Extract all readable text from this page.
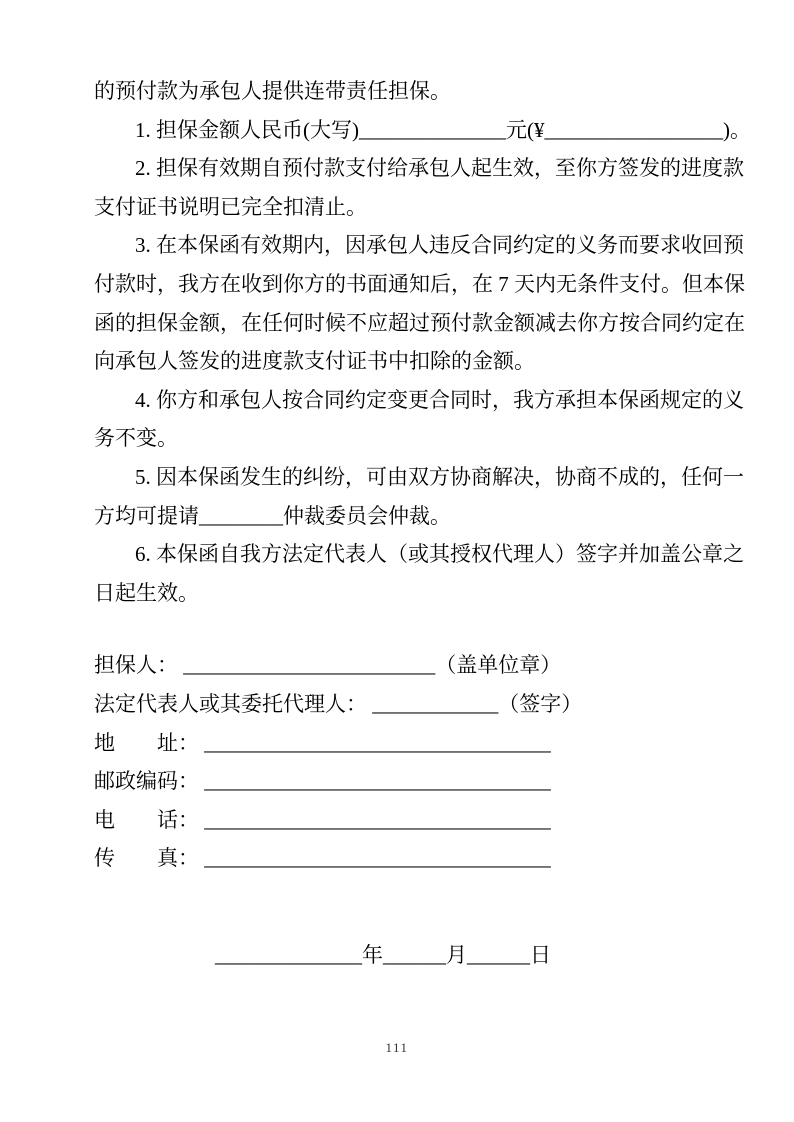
的预付款为承包人提供连带责任担保。

1. 担保金额人民币(大写)______________元(¥_________________)。

2. 担保有效期自预付款支付给承包人起生效，至你方签发的进度款

支付证书说明已完全扣清止。

3. 在本保函有效期内，因承包人违反合同约定的义务而要求收回预

付款时，我方在收到你方的书面通知后，在 7 天内无条件支付。但本保

函的担保金额，在任何时候不应超过预付款金额减去你方按合同约定在

向承包人签发的进度款支付证书中扣除的金额。

4. 你方和承包人按合同约定变更合同时，我方承担本保函规定的义

务不变。

5. 因本保函发生的纠纷，可由双方协商解决，协商不成的，任何一

方均可提请________仲裁委员会仲裁。

6. 本保函自我方法定代表人（或其授权代理人）签字并加盖公章之

日起生效。

担保人： ________________________（盖单位章）

法定代表人或其委托代理人： ____________（签字）

地　　址： _________________________________

邮政编码： _________________________________

电　　话： _________________________________

传　　真： _________________________________

______________年______月______日

111
